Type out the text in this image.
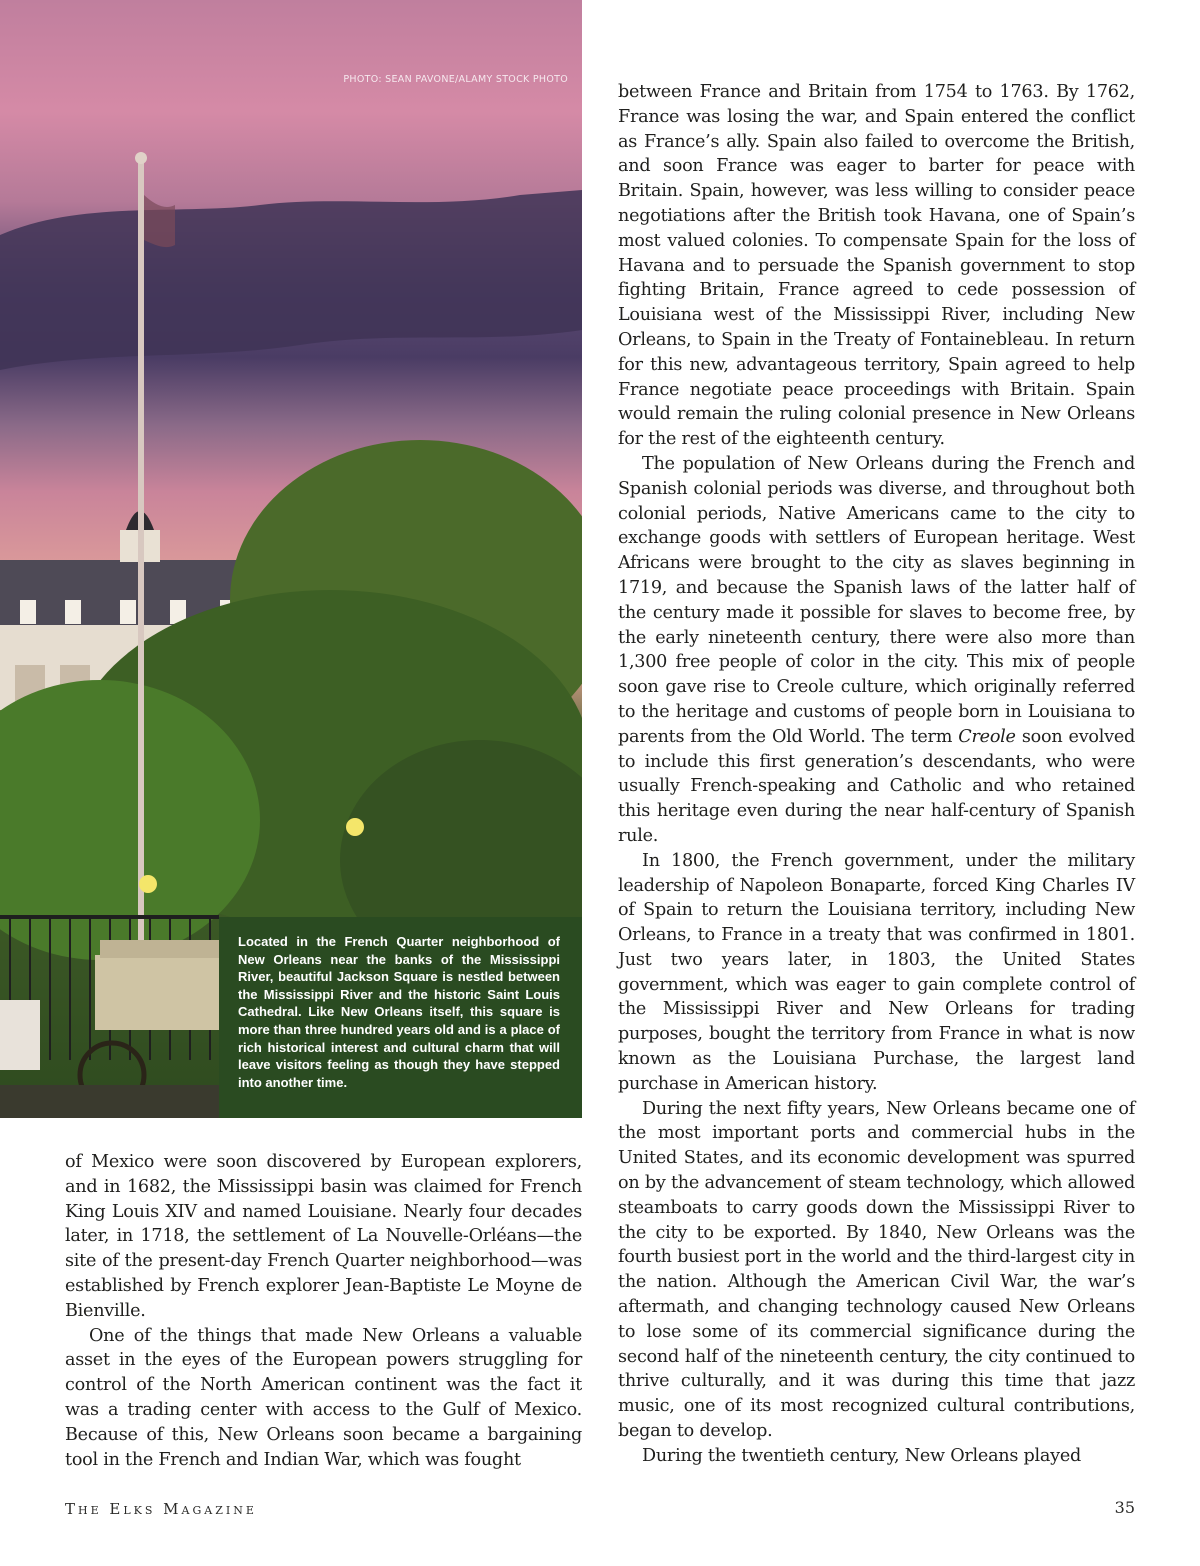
PHOTO: SEAN PAVONE/ALAMY STOCK PHOTO
Located in the French Quarter neighborhood of New Orleans near the banks of the Mississippi River, beautiful Jackson Square is nestled between the Mississippi River and the historic Saint Louis Cathedral. Like New Orleans itself, this square is more than three hundred years old and is a place of rich historical interest and cultural charm that will leave visitors feeling as though they have stepped into another time.

of Mexico were soon discovered by European explorers, and in 1682, the Mississippi basin was claimed for French King Louis XIV and named Louisiane. Nearly four decades later, in 1718, the settlement of La Nouvelle-Orléans—the site of the present-day French Quarter neighborhood—was established by French explorer Jean-Baptiste Le Moyne de Bienville.

One of the things that made New Orleans a valuable asset in the eyes of the European powers struggling for control of the North American continent was the fact it was a trading center with access to the Gulf of Mexico. Because of this, New Orleans soon became a bargaining tool in the French and Indian War, which was fought

between France and Britain from 1754 to 1763. By 1762, France was losing the war, and Spain entered the conflict as France’s ally. Spain also failed to overcome the British, and soon France was eager to barter for peace with Britain. Spain, however, was less willing to consider peace negotiations after the British took Havana, one of Spain’s most valued colonies. To compensate Spain for the loss of Havana and to persuade the Spanish government to stop fighting Britain, France agreed to cede possession of Louisiana west of the Mississippi River, including New Orleans, to Spain in the Treaty of Fontainebleau. In return for this new, advantageous territory, Spain agreed to help France negotiate peace proceedings with Britain. Spain would remain the ruling colonial presence in New Orleans for the rest of the eighteenth century.

The population of New Orleans during the French and Spanish colonial periods was diverse, and throughout both colonial periods, Native Americans came to the city to exchange goods with settlers of European heritage. West Africans were brought to the city as slaves beginning in 1719, and because the Spanish laws of the latter half of the century made it possible for slaves to become free, by the early nineteenth century, there were also more than 1,300 free people of color in the city. This mix of people soon gave rise to Creole culture, which originally referred to the heritage and customs of people born in Louisiana to parents from the Old World. The term Creole soon evolved to include this first generation’s descendants, who were usually French-speaking and Catholic and who retained this heritage even during the near half-century of Spanish rule.

In 1800, the French government, under the military leadership of Napoleon Bonaparte, forced King Charles IV of Spain to return the Louisiana territory, including New Orleans, to France in a treaty that was confirmed in 1801. Just two years later, in 1803, the United States government, which was eager to gain complete control of the Mississippi River and New Orleans for trading purposes, bought the territory from France in what is now known as the Louisiana Purchase, the largest land purchase in American history.

During the next fifty years, New Orleans became one of the most important ports and commercial hubs in the United States, and its economic development was spurred on by the advancement of steam technology, which allowed steamboats to carry goods down the Mississippi River to the city to be exported. By 1840, New Orleans was the fourth busiest port in the world and the third-largest city in the nation. Although the American Civil War, the war’s aftermath, and changing technology caused New Orleans to lose some of its commercial significance during the second half of the nineteenth century, the city continued to thrive culturally, and it was during this time that jazz music, one of its most recognized cultural contributions, began to develop.

During the twentieth century, New Orleans played

The Elks Magazine	35
